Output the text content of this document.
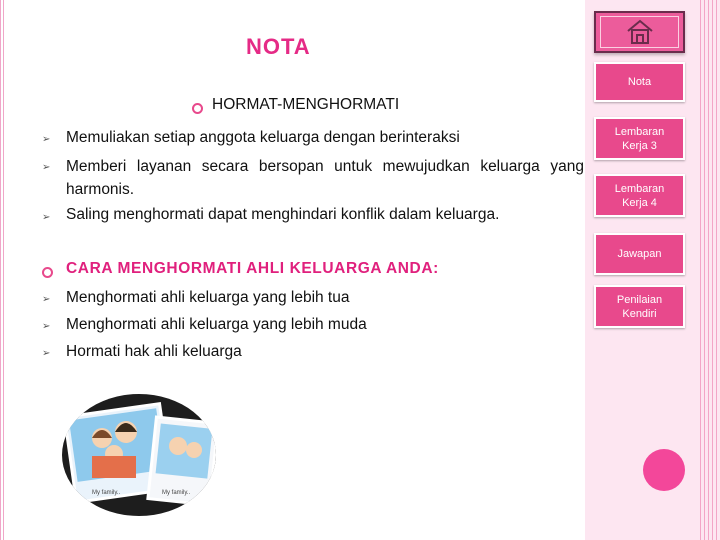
NOTA
Nota
Lembaran
Kerja 3
Lembaran
Kerja 4
Jawapan
Penilaian
Kendiri
HORMAT-MENGHORMATI
➢ Memuliakan setiap anggota keluarga dengan berinteraksi
➢ Memberi layanan secara bersopan untuk mewujudkan keluarga yang harmonis.
➢ Saling menghormati dapat menghindari konflik dalam keluarga.
CARA MENGHORMATI AHLI KELUARGA ANDA:
➢ Menghormati ahli keluarga yang lebih tua
➢ Menghormati ahli keluarga yang lebih muda
➢ Hormati hak ahli keluarga
My family..
My family..
